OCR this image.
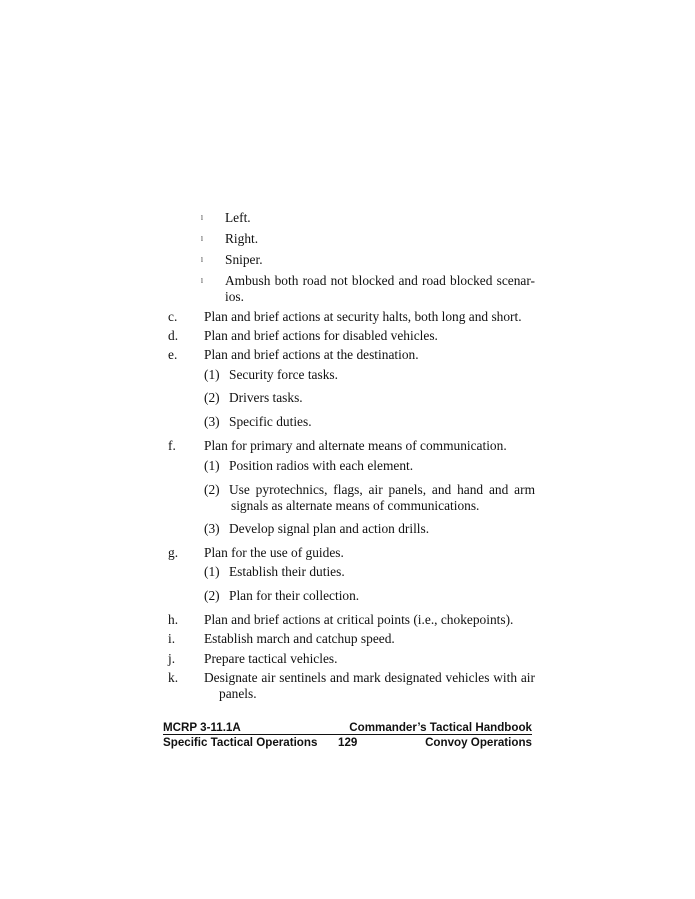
l Left.
l Right.
l Sniper.
l Ambush both road not blocked and road blocked scenar-
ios.
c. Plan and brief actions at security halts, both long and short.
d. Plan and brief actions for disabled vehicles.
e. Plan and brief actions at the destination.
(1) Security force tasks.
(2) Drivers tasks.
(3) Specific duties.
f. Plan for primary and alternate means of communication.
(1) Position radios with each element.
(2) Use pyrotechnics, flags, air panels, and hand and arm
signals as alternate means of communications.
(3) Develop signal plan and action drills.
g. Plan for the use of guides.
(1) Establish their duties.
(2) Plan for their collection.
h. Plan and brief actions at critical points (i.e., chokepoints).
i. Establish march and catchup speed.
j. Prepare tactical vehicles.
k. Designate air sentinels and mark designated vehicles with air
panels.
MCRP 3-11.1A	Commander’s Tactical Handbook
Specific Tactical Operations 129	Convoy Operations
